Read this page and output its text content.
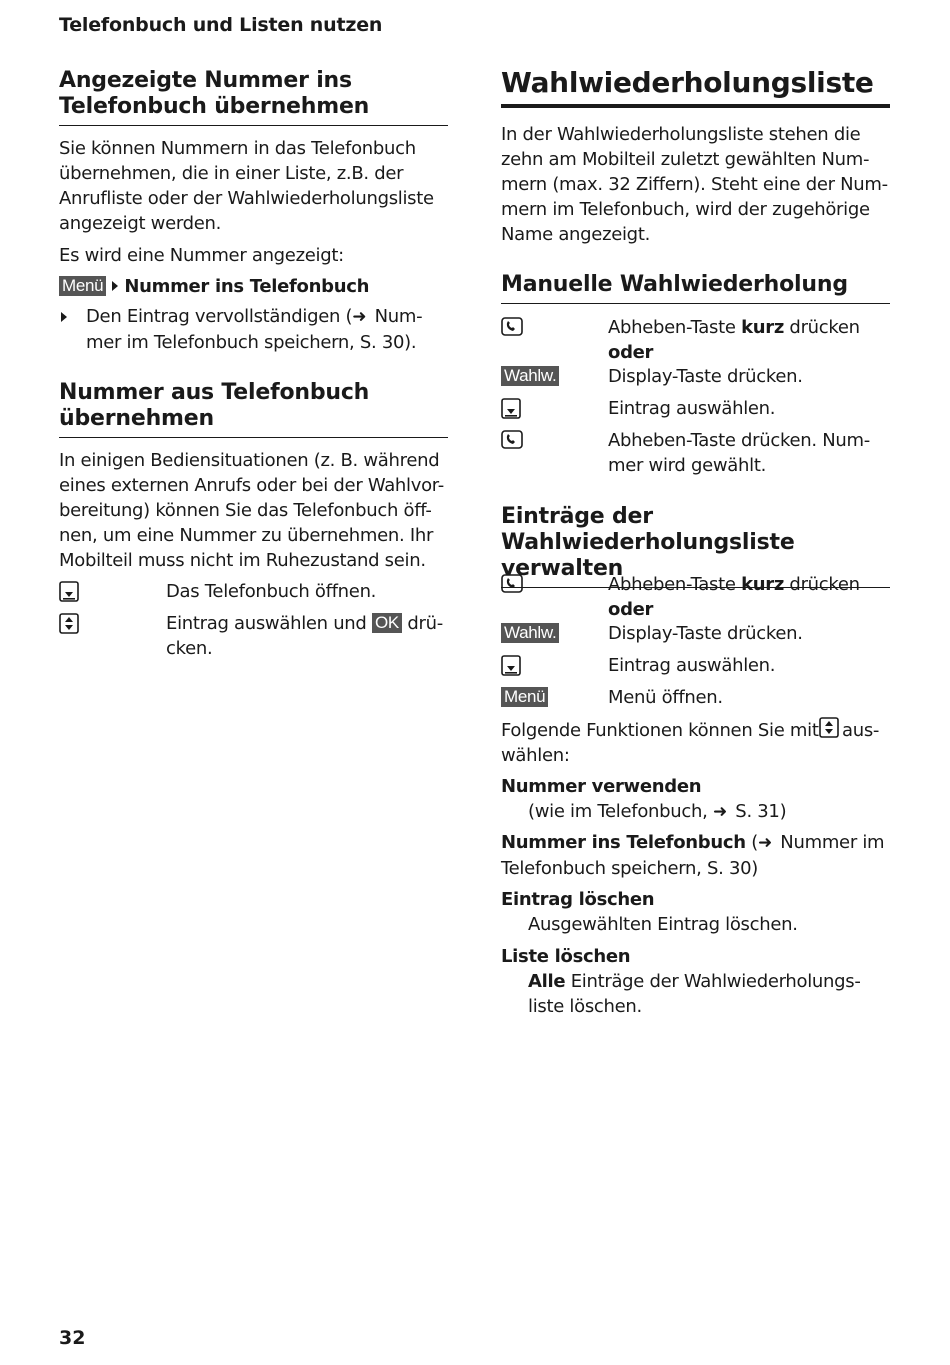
Telefonbuch und Listen nutzen
Angezeigte Nummer ins
Telefonbuch übernehmen
Sie können Nummern in das Telefonbuch
übernehmen, die in einer Liste, z.B. der
Anrufliste oder der Wahlwiederholungsliste
angezeigt werden.
Es wird eine Nummer angezeigt:
Menü Nummer ins Telefonbuch
Den Eintrag vervollständigen (➜ Num-
mer im Telefonbuch speichern, S. 30).
Nummer aus Telefonbuch
übernehmen
In einigen Bediensituationen (z. B. während
eines externen Anrufs oder bei der Wahlvor-
bereitung) können Sie das Telefonbuch öff-
nen, um eine Nummer zu übernehmen. Ihr
Mobilteil muss nicht im Ruhezustand sein.
Das Telefonbuch öffnen.
Eintrag auswählen und OK drü-
cken.
Wahlwiederholungsliste
In der Wahlwiederholungsliste stehen die
zehn am Mobilteil zuletzt gewählten Num-
mern (max. 32 Ziffern). Steht eine der Num-
mern im Telefonbuch, wird der zugehörige
Name angezeigt.
Manuelle Wahlwiederholung
Abheben-Taste kurz drücken
oder
Wahlw.	Display-Taste drücken.
Eintrag auswählen.
Abheben-Taste drücken. Num-
mer wird gewählt.
Einträge der
Wahlwiederholungsliste verwalten
Abheben-Taste kurz drücken
oder
Wahlw.	Display-Taste drücken.
Eintrag auswählen.
Menü	Menü öffnen.
Folgende Funktionen können Sie mit aus-
wählen:
Nummer verwenden
(wie im Telefonbuch, ➜ S. 31)
Nummer ins Telefonbuch (➜ Nummer im
Telefonbuch speichern, S. 30)
Eintrag löschen
Ausgewählten Eintrag löschen.
Liste löschen
Alle Einträge der Wahlwiederholungs-
liste löschen.
32
